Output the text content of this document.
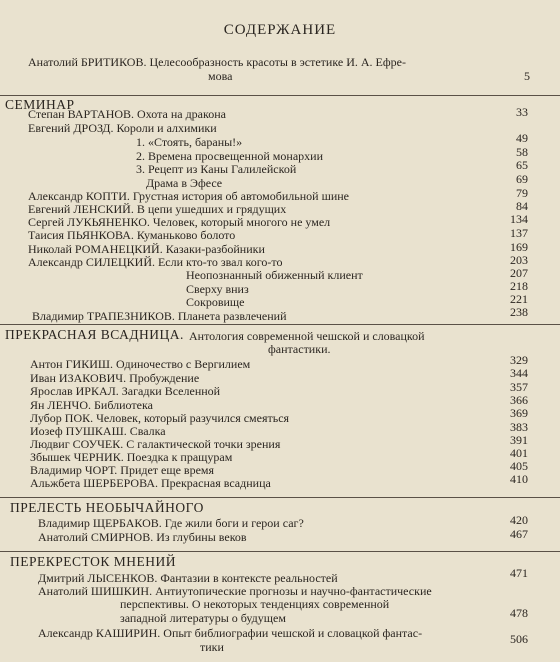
СОДЕРЖАНИЕ
Анатолий БРИТИКОВ. Целесообразность красоты в эстетике И. А. Ефре-
мова	5
СЕМИНАР
Степан ВАРТАНОВ. Охота на дракона	33
Евгений ДРОЗД. Короли и алхимики
1. «Стоять, бараны!»	49
2. Времена просвещенной монархии	58
3. Рецепт из Каны Галилейской	65
Драма в Эфесе	69
Александр КОПТИ. Грустная история об автомобильной шине	79
Евгений ЛЕНСКИЙ. В цепи ушедших и грядущих	84
Сергей ЛУКЬЯНЕНКО. Человек, который многого не умел	134
Таисия ПЬЯНКОВА. Куманьково болото	137
Николай РОМАНЕЦКИЙ. Казаки-разбойники	169
Александр СИЛЕЦКИЙ. Если кто-то звал кого-то	203
Неопознанный обиженный клиент	207
Сверху вниз	218
Сокровище	221
Владимир ТРАПЕЗНИКОВ. Планета развлечений	238
ПРЕКРАСНАЯ ВСАДНИЦА. Антология современной чешской и словацкой
фантастики.
Антон ГИКИШ. Одиночество с Вергилием	329
Иван ИЗАКОВИЧ. Пробуждение	344
Ярослав ИРКАЛ. Загадки Вселенной	357
Ян ЛЕНЧО. Библиотека	366
Лубор ПОК. Человек, который разучился смеяться	369
Иозеф ПУШКАШ. Свалка	383
Людвиг СОУЧЕК. С галактической точки зрения	391
Збышек ЧЕРНИК. Поездка к пращурам	401
Владимир ЧОРТ. Придет еще время	405
Альжбета ШЕРБЕРОВА. Прекрасная всадница	410
ПРЕЛЕСТЬ НЕОБЫЧАЙНОГО
Владимир ЩЕРБАКОВ. Где жили боги и герои саг?	420
Анатолий СМИРНОВ. Из глубины веков	467
ПЕРЕКРЕСТОК МНЕНИЙ
Дмитрий ЛЫСЕНКОВ. Фантазии в контексте реальностей	471
Анатолий ШИШКИН. Антиутопические прогнозы и научно-фантастические
перспективы. О некоторых тенденциях современной
западной литературы о будущем	478
Александр КАШИРИН. Опыт библиографии чешской и словацкой фантас-
тики
506
